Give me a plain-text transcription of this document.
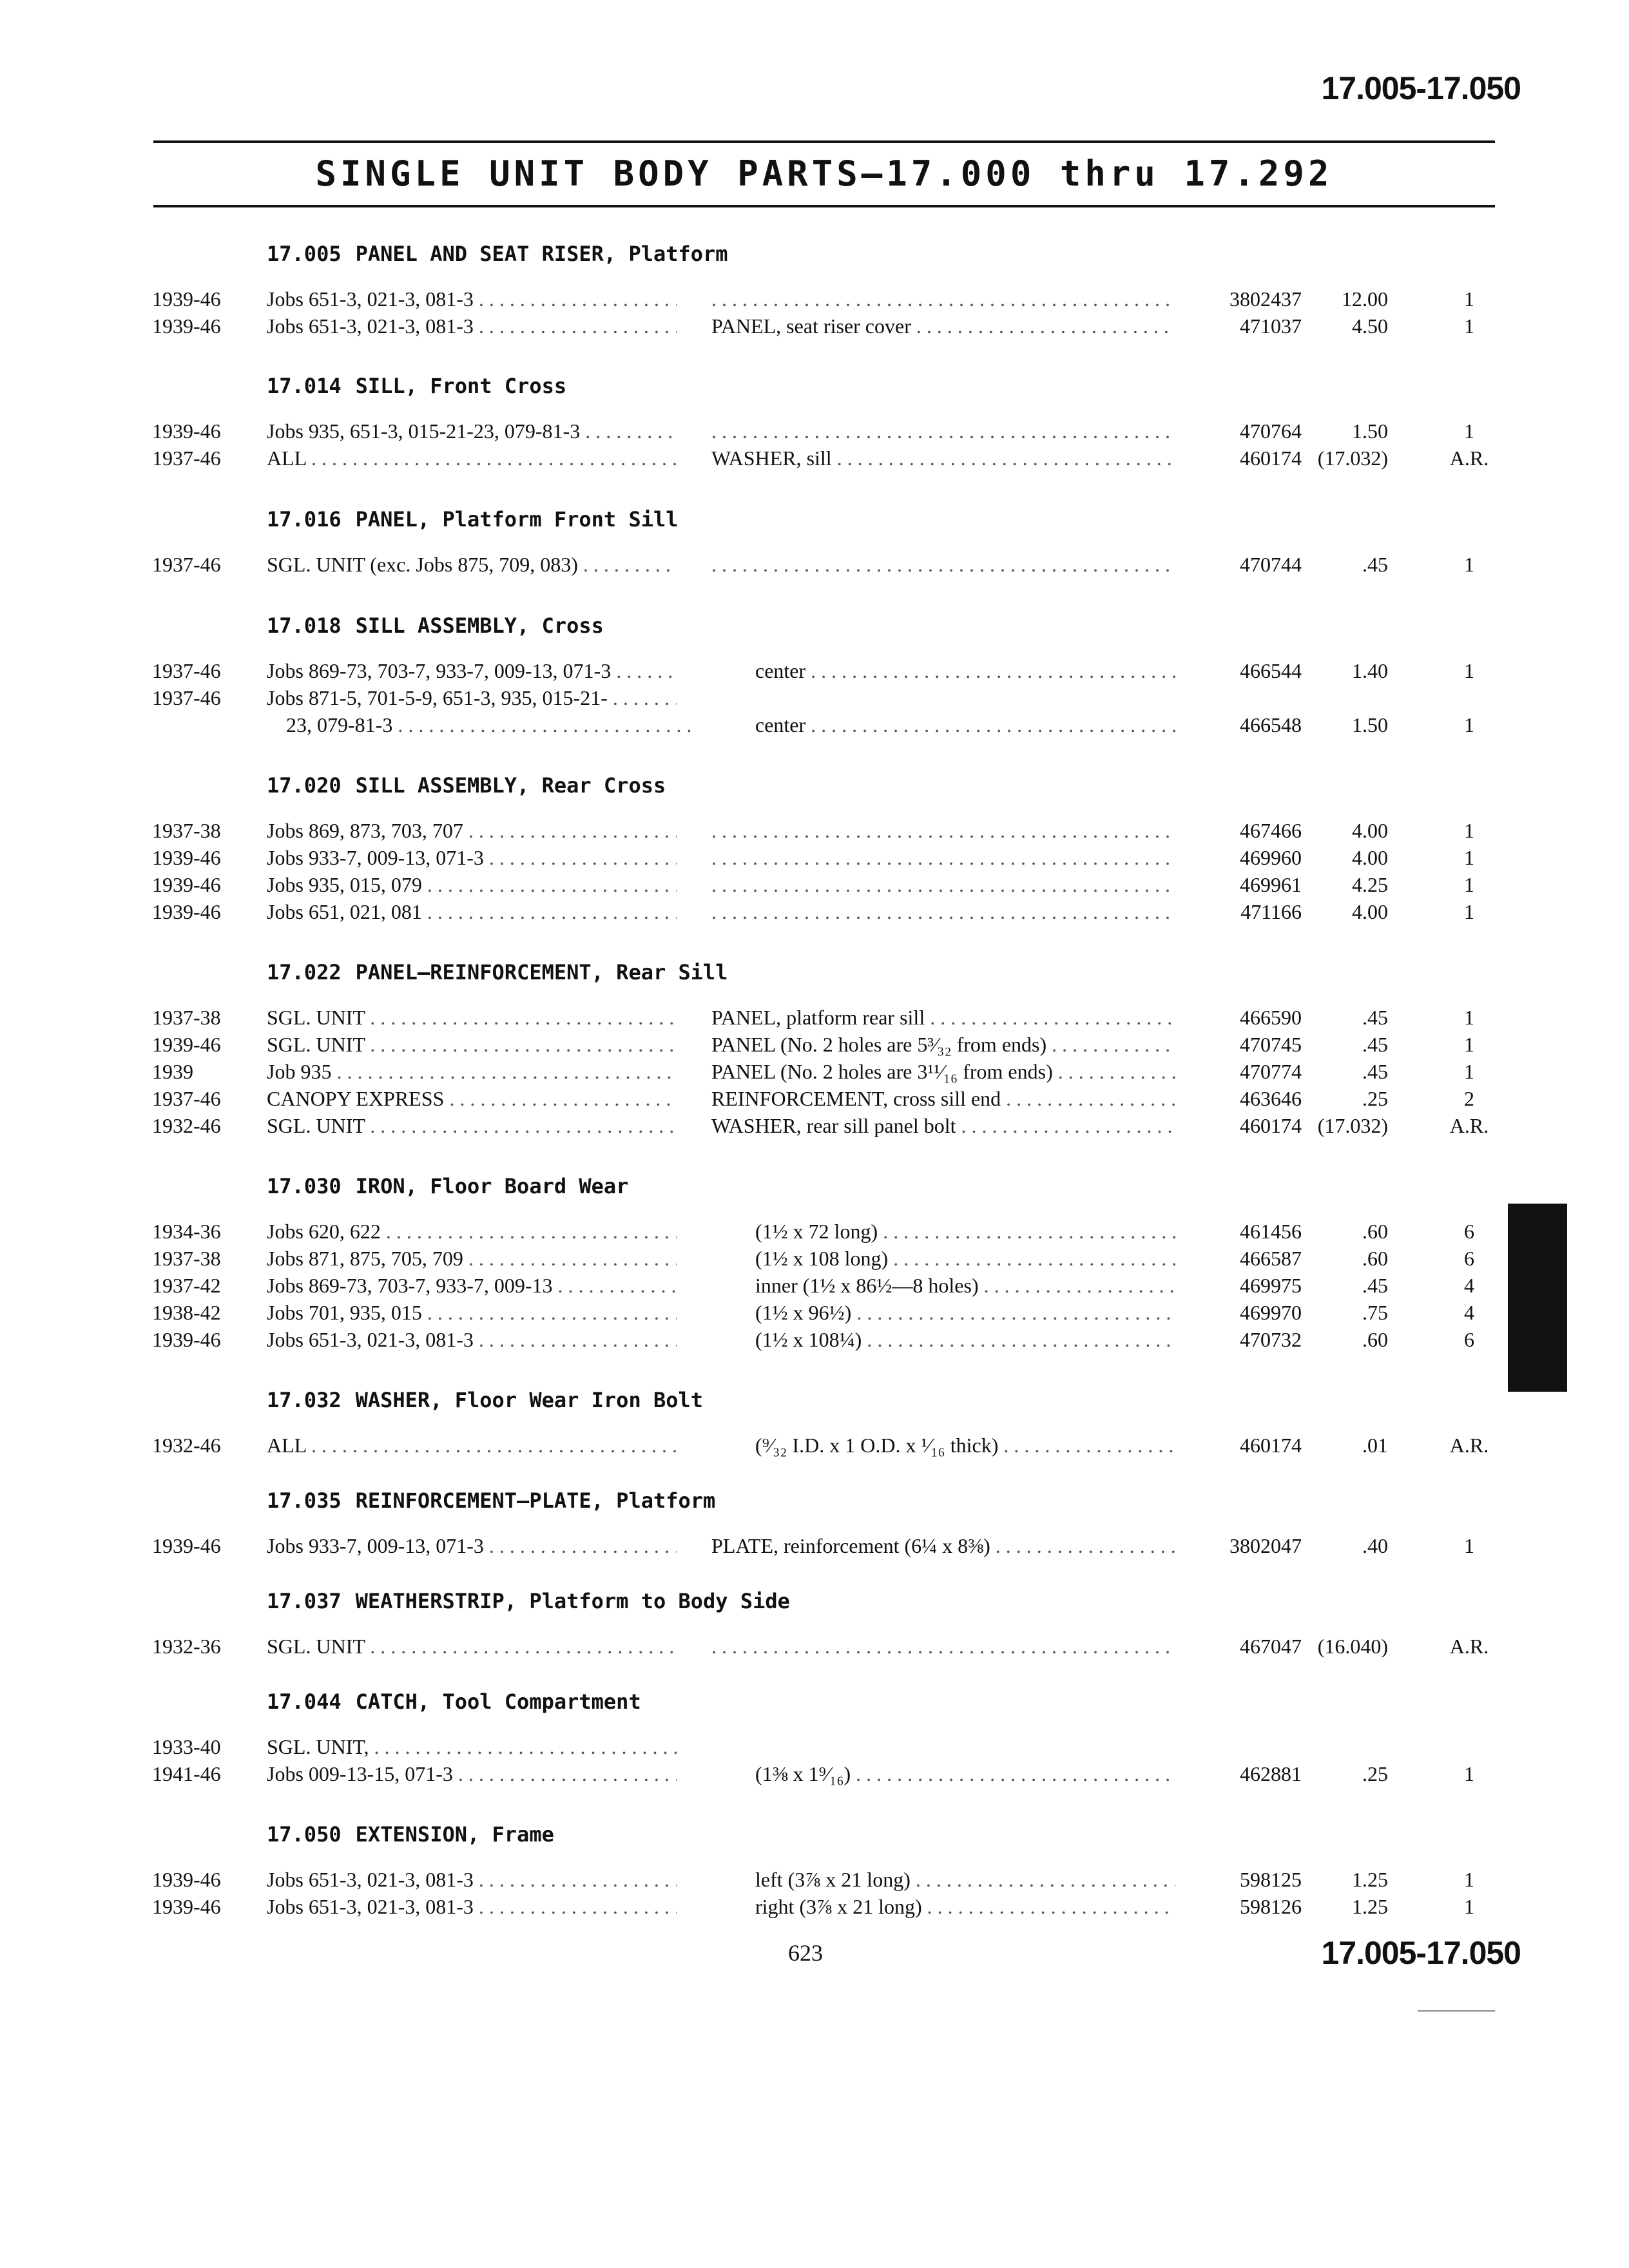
17.005-17.050
SINGLE UNIT BODY PARTS—17.000 thru 17.292
17.005 PANEL AND SEAT RISER, Platform
1939-46	Jobs 651-3, 021-3, 081-3 . . . . . .	3802437	12.00	1
1939-46	Jobs 651-3, 021-3, 081-3 . . .	PANEL, seat riser cover . . .	471037	4.50	1
17.014 SILL, Front Cross
1939-46	Jobs 935, 651-3, 015-21-23, 079-81-3 . . . . . .	470764	1.50	1
1937-46	ALL . . .	WASHER, sill . . .	460174 (17.032)	A.R.
17.016 PANEL, Platform Front Sill
1937-46	SGL. UNIT (exc. Jobs 875, 709, 083) . . . . . .	470744	.45	1
17.018 SILL ASSEMBLY, Cross
1937-46	Jobs 869-73, 703-7, 933-7, 009-13, 071-3 . . .	center . . .	466544	1.40	1
1937-46	Jobs 871-5, 701-5-9, 651-3, 935, 015-21- . . .
23, 079-81-3 . . .	center . . .	466548	1.50	1
17.020 SILL ASSEMBLY, Rear Cross
1937-38	Jobs 869, 873, 703, 707 . . . . . .	467466	4.00	1
1939-46	Jobs 933-7, 009-13, 071-3 . . . . . .	469960	4.00	1
1939-46	Jobs 935, 015, 079 . . . . . .	469961	4.25	1
1939-46	Jobs 651, 021, 081 . . . . . .	471166	4.00	1
17.022 PANEL—REINFORCEMENT, Rear Sill
1937-38	SGL. UNIT . . .	PANEL, platform rear sill . . .	466590	.45	1
1939-46	SGL. UNIT . . .	PANEL (No. 2 holes are 5³⁄₃₂ from ends) . . .	470745	.45	1
1939	Job 935 . . .	PANEL (No. 2 holes are 3¹¹⁄₁₆ from ends) . . .	470774	.45	1
1937-46	CANOPY EXPRESS . . .	REINFORCEMENT, cross sill end . . .	463646	.25	2
1932-46	SGL. UNIT . . .	WASHER, rear sill panel bolt . . .	460174 (17.032)	A.R.
17.030 IRON, Floor Board Wear
1934-36	Jobs 620, 622 . . .	(1½ x 72 long) . . .	461456	.60	6
1937-38	Jobs 871, 875, 705, 709 . . .	(1½ x 108 long) . . .	466587	.60	6
1937-42	Jobs 869-73, 703-7, 933-7, 009-13 . . .	inner (1½ x 86½—8 holes) . . .	469975	.45	4
1938-42	Jobs 701, 935, 015 . . .	(1½ x 96½) . . .	469970	.75	4
1939-46	Jobs 651-3, 021-3, 081-3 . . .	(1½ x 108¼) . . .	470732	.60	6
17.032 WASHER, Floor Wear Iron Bolt
1932-46	ALL . . .	(⁹⁄₃₂ I.D. x 1 O.D. x ¹⁄₁₆ thick) . . .	460174	.01	A.R.
17.035 REINFORCEMENT—PLATE, Platform
1939-46	Jobs 933-7, 009-13, 071-3 . . .	PLATE, reinforcement (6¼ x 8⅜) . . .	3802047	.40	1
17.037 WEATHERSTRIP, Platform to Body Side
1932-36	SGL. UNIT . . . . . .	467047 (16.040)	A.R.
17.044 CATCH, Tool Compartment
1933-40	SGL. UNIT, . . .
1941-46	Jobs 009-13-15, 071-3 . . .	(1⅜ x 1⁹⁄₁₆) . . .	462881	.25	1
17.050 EXTENSION, Frame
1939-46	Jobs 651-3, 021-3, 081-3 . . .	left (3⅞ x 21 long) . . .	598125	1.25	1
1939-46	Jobs 651-3, 021-3, 081-3 . . .	right (3⅞ x 21 long) . . .	598126	1.25	1
623	17.005-17.050
